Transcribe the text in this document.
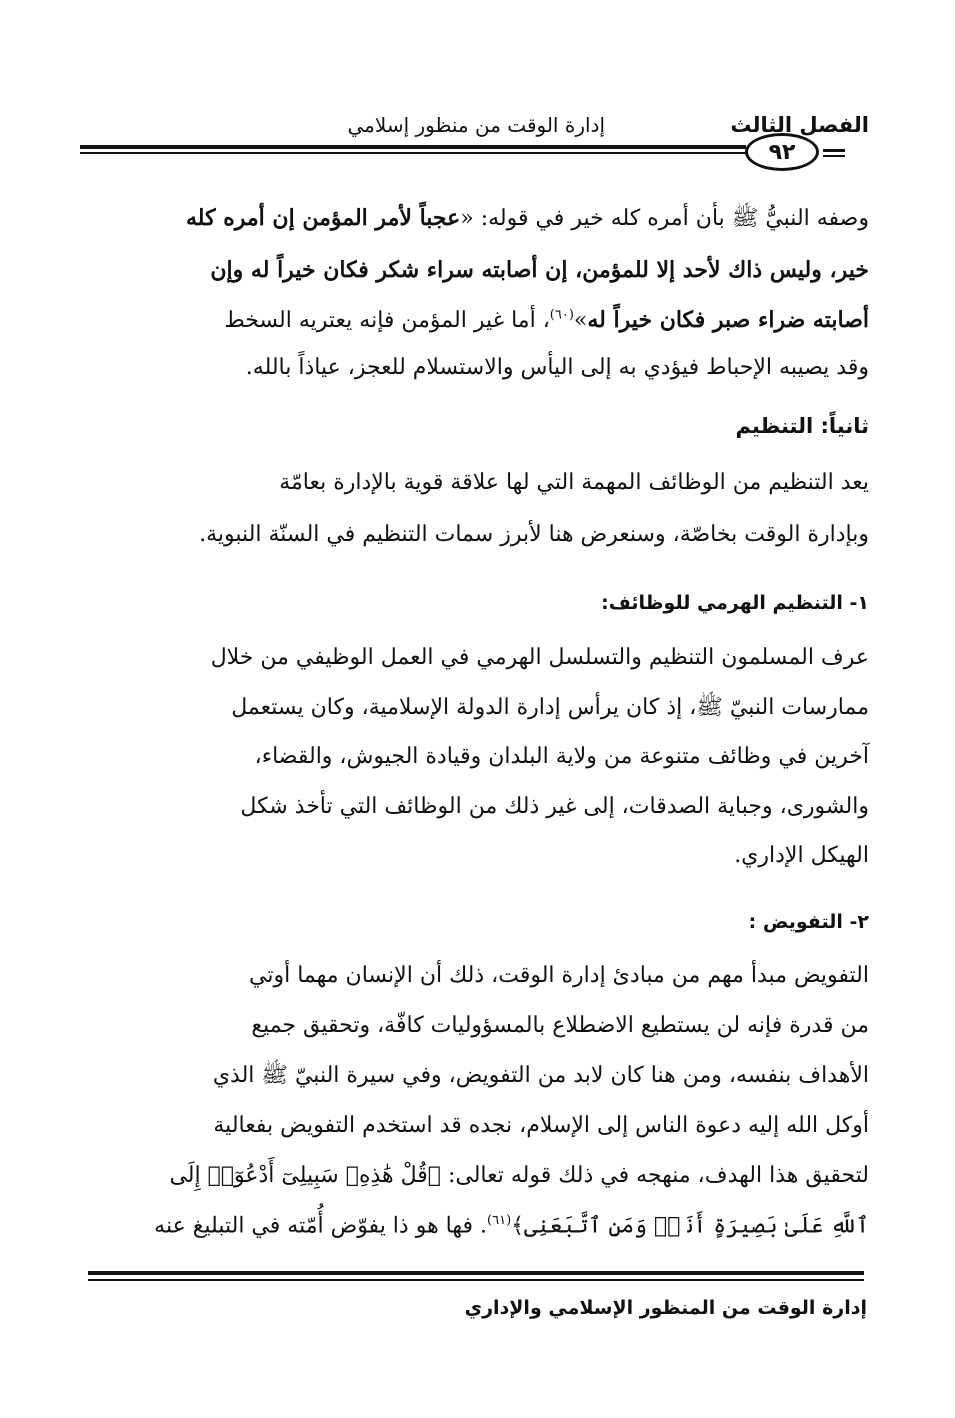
الفصل الثالث
إدارة الوقت من منظور إسلامي
٩٢
وصفه النبيُّ ﷺ بأن أمره كله خير في قوله: «عجباً لأمر المؤمن إن أمره كله
خير، وليس ذاك لأحد إلا للمؤمن، إن أصابته سراء شكر فكان خيراً له وإن
أصابته ضراء صبر فكان خيراً له»$^{(٦٠)}$، أما غير المؤمن فإنه يعتريه السخط
وقد يصيبه الإحباط فيؤدي به إلى اليأس والاستسلام للعجز، عياذاً بالله.
ثانياً: التنظيم
يعد التنظيم من الوظائف المهمة التي لها علاقة قوية بالإدارة بعامّة
وبإدارة الوقت بخاصّة، وسنعرض هنا لأبرز سمات التنظيم في السنّة النبوية.
١- التنظيم الهرمي للوظائف:
عرف المسلمون التنظيم والتسلسل الهرمي في العمل الوظيفي من خلال
ممارسات النبيّ ﷺ، إذ كان يرأس إدارة الدولة الإسلامية، وكان يستعمل
آخرين في وظائف متنوعة من ولاية البلدان وقيادة الجيوش، والقضاء،
والشورى، وجباية الصدقات، إلى غير ذلك من الوظائف التي تأخذ شكل
الهيكل الإداري.
٢- التفويض :
التفويض مبدأ مهم من مبادئ إدارة الوقت، ذلك أن الإنسان مهما أوتي
من قدرة فإنه لن يستطيع الاضطلاع بالمسؤوليات كافّة، وتحقيق جميع
الأهداف بنفسه، ومن هنا كان لابد من التفويض، وفي سيرة النبيّ ﷺ الذي
أوكل الله إليه دعوة الناس إلى الإسلام، نجده قد استخدم التفويض بفعالية
لتحقيق هذا الهدف، منهجه في ذلك قوله تعالى: ﴿قُلْ هَٰذِهِۦ سَبِيلِىٓ أَدْعُوٓا۟ إِلَى
ٱللَّهِ عَلَىٰ بَصِيرَةٍ أَنَا۠ وَمَنِ ٱتَّبَعَنِى﴾$^{(٦١)}$. فها هو ذا يفوّض أُمّته في التبليغ عنه
إدارة الوقت من المنظور الإسلامي والإداري
